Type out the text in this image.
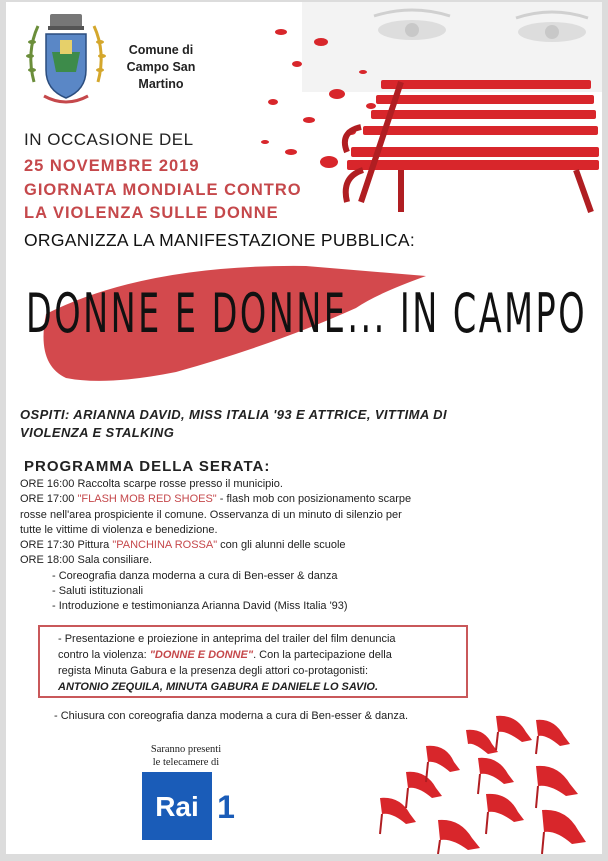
Comune di
Campo San Martino
IN OCCASIONE DEL
25 NOVEMBRE 2019
GIORNATA MONDIALE CONTRO
LA VIOLENZA SULLE DONNE
ORGANIZZA LA MANIFESTAZIONE PUBBLICA:
DONNE E DONNE... IN CAMPO
OSPITI: ARIANNA DAVID, MISS ITALIA '93 E ATTRICE, VITTIMA DI VIOLENZA E STALKING
PROGRAMMA DELLA SERATA:
ORE 16:00 Raccolta scarpe rosse presso il municipio.
ORE 17:00 "FLASH MOB RED SHOES" - flash mob con posizionamento scarpe
rosse nell'area prospiciente il comune. Osservanza di un minuto di silenzio per
tutte le vittime di violenza e benedizione.
ORE 17:30 Pittura "PANCHINA ROSSA" con gli alunni delle scuole
ORE 18:00 Sala consiliare.
- Coreografia danza moderna a cura di Ben-esser & danza
- Saluti istituzionali
- Introduzione e testimonianza Arianna David (Miss Italia '93)
- Presentazione e proiezione in anteprima del trailer del film denuncia
contro la violenza: "DONNE E DONNE". Con la partecipazione della
regista Minuta Gabura e la presenza degli attori co-protagonisti:
ANTONIO ZEQUILA, MINUTA GABURA E DANIELE LO SAVIO.
- Chiusura con coreografia danza moderna a cura di Ben-esser & danza.
Saranno presenti
le telecamere di
Rai 1
